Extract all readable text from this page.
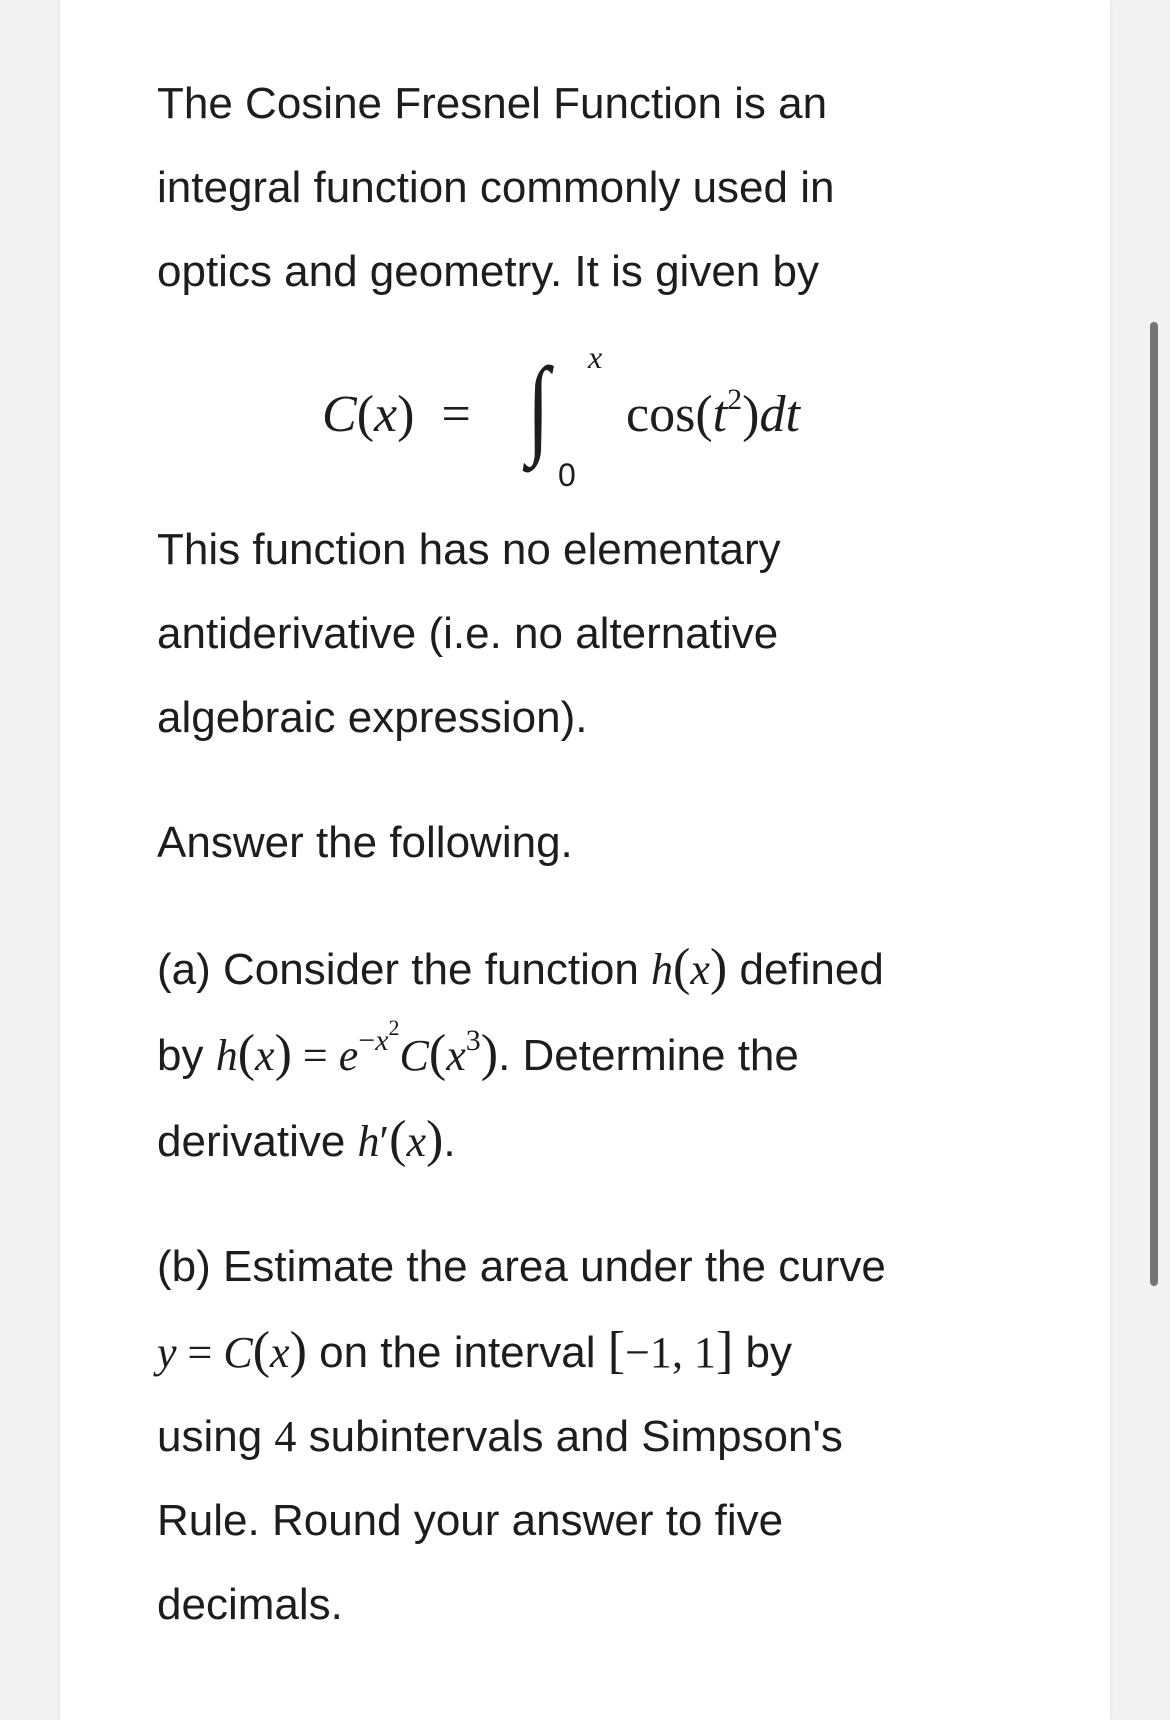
The Cosine Fresnel Function is an
integral function commonly used in
optics and geometry. It is given by

This function has no elementary
antiderivative (i.e. no alternative
algebraic expression).

Answer the following.

(a) Consider the function h(x) defined
by $h(x) = e^{-x^2}C(x^3)$. Determine the
derivative h′(x).

(b) Estimate the area under the curve
y = C(x) on the interval [−1, 1] by
using 4 subintervals and Simpson's
Rule. Round your answer to five
decimals.

C(x) = ∫ x
0
$\cos(t^2)dt$
